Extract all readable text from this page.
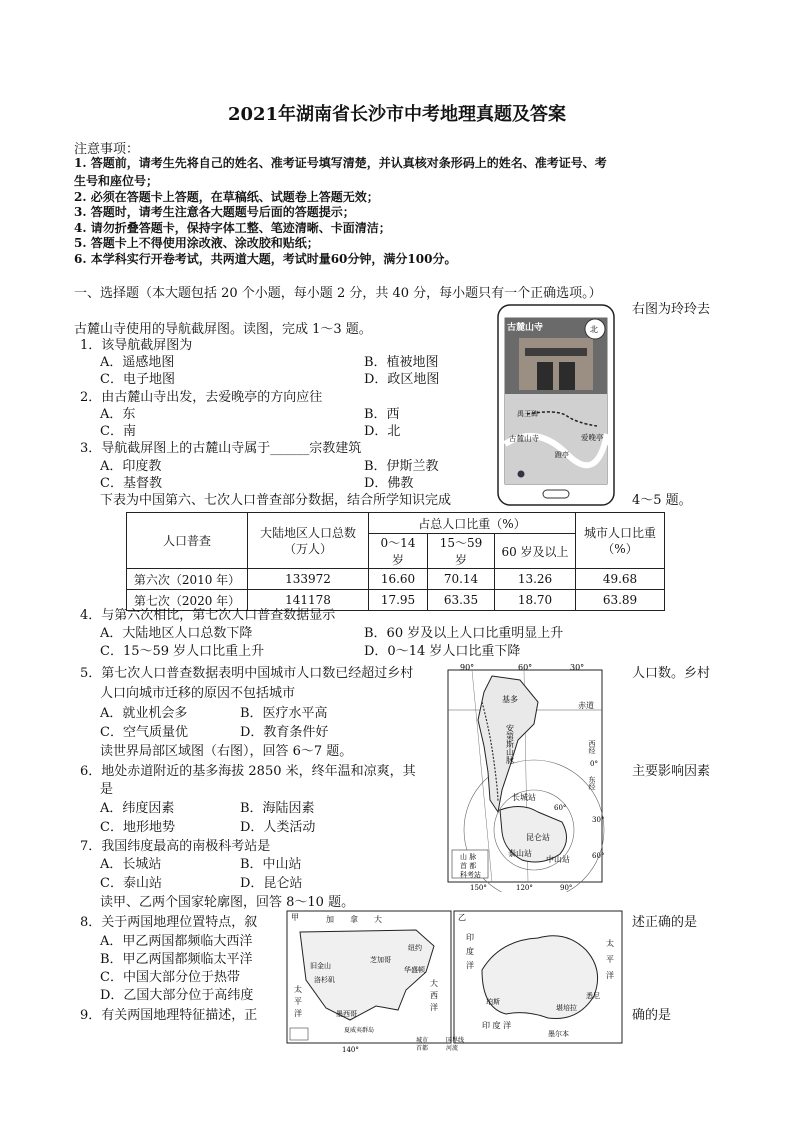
2021年湖南省长沙市中考地理真题及答案
注意事项：
1. 答题前，请考生先将自己的姓名、准考证号填写清楚，并认真核对条形码上的姓名、准考证号、考
生号和座位号；
2. 必须在答题卡上答题，在草稿纸、试题卷上答题无效；
3. 答题时，请考生注意各大题题号后面的答题提示；
4. 请勿折叠答题卡，保持字体工整、笔迹清晰、卡面清洁；
5. 答题卡上不得使用涂改液、涂改胶和贴纸；
6. 本学科实行开卷考试，共两道大题，考试时量60分钟，满分100分。
一、选择题（本大题包括 20 个小题，每小题 2 分，共 40 分，每小题只有一个正确选项。）
右图为玲玲去
古麓山寺使用的导航截屏图。读图，完成 1～3 题。
1．该导航截屏图为
A．遥感地图	B．植被地图
C．电子地图	D．政区地图
2．由古麓山寺出发，去爱晚亭的方向应往
A．东	B．西
C．南	D．北
3．导航截屏图上的古麓山寺属于______宗教建筑
A．印度教	B．伊斯兰教
C．基督教	D．佛教
下表为中国第六、七次人口普查部分数据，结合所学知识完成	4～5 题。
古麓山寺	北
禹王碑
古麓山寺	爱晚亭
蹬亭
人口普查	大陆地区人口总数（万人）	占总人口比重（%）			城市人口比重（%）
		0～14 岁	15～59 岁	60 岁及以上	
第六次（2010 年）	133972	16.60	70.14	13.26	49.68
第七次（2020 年）	141178	17.95	63.35	18.70	63.89
4．与第六次相比，第七次人口普查数据显示
A．大陆地区人口总数下降	B．60 岁及以上人口比重明显上升
C．15～59 岁人口比重上升	D．0～14 岁人口比重下降
5．第七次人口普查数据表明中国城市人口数已经超过乡村	人口数。乡村
人口向城市迁移的原因不包括城市
A．就业机会多	B．医疗水平高
C．空气质量优	D．教育条件好
读世界局部区域图（右图），回答 6～7 题。
6．地处赤道附近的基多海拔 2850 米，终年温和凉爽，其	主要影响因素
是
A．纬度因素	B．海陆因素
C．地形地势	D．人类活动
7．我国纬度最高的南极科考站是
A．长城站	B．中山站
C．泰山站	D．昆仑站
读甲、乙两个国家轮廓图，回答 8～10 题。
8．关于两国地理位置特点，叙	述正确的是
A．甲乙两国都频临大西洋
B．甲乙两国都频临太平洋
C．中国大部分位于热带
D．乙国大部分位于高纬度
9．有关两国地理特征描述，正	确的是
山 脉
首 都
科考站
90°	60°	30°
赤道
基多
安第斯山脉	西经
0°
东经
长城站
60°
中山站
昆仑站
泰山站
30°
60°
150°	120°	90°
甲	加 拿 大
华盛顿
纽约
旧金山
洛杉矶
芝加哥
墨西哥
太
平
洋
大
西
洋
夏威夷群岛
140°
乙
印
度
洋
太
平
洋
堪培拉
珀斯
墨尔本
悉尼
印 度 洋
首都
城市
河流
国界线
